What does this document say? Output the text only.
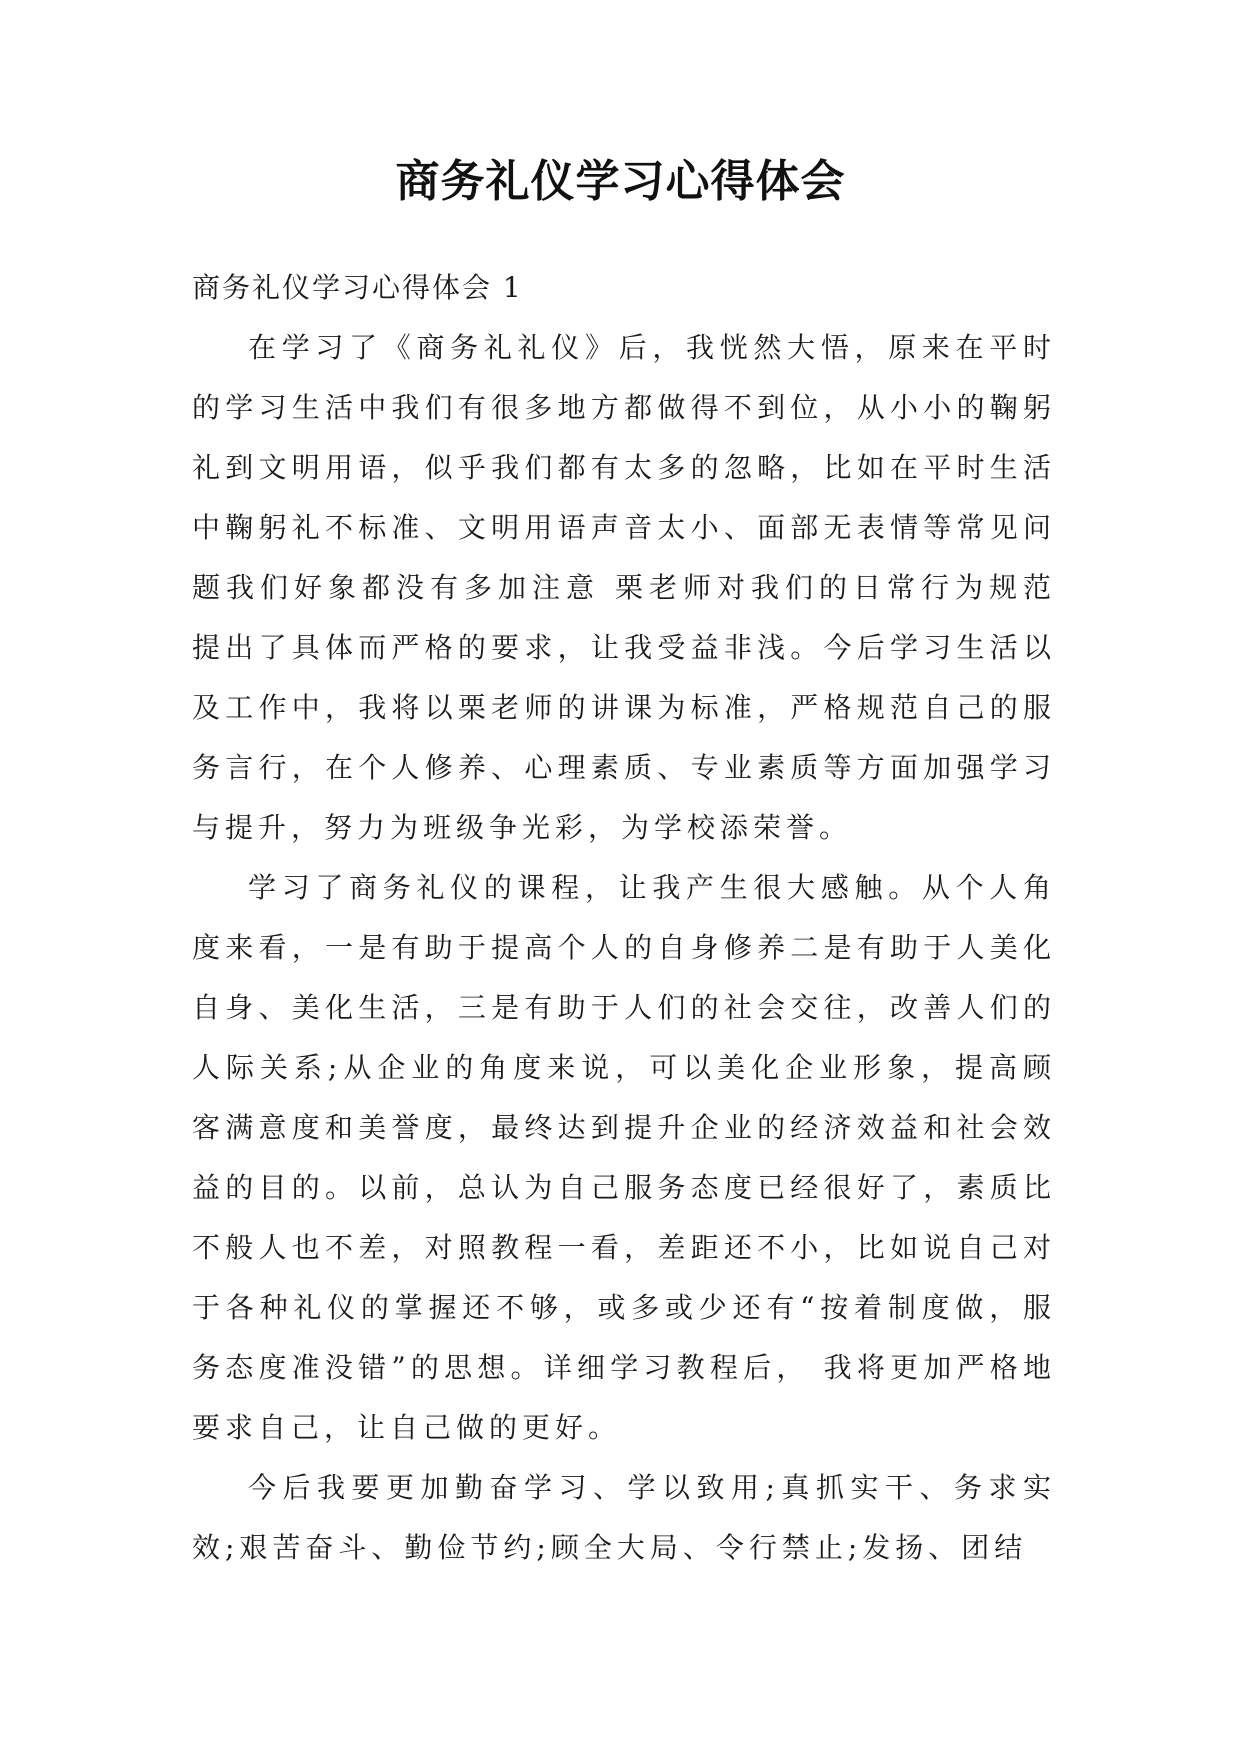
商务礼仪学习心得体会

商务礼仪学习心得体会 1

在学习了《商务礼礼仪》后，我恍然大悟，原来在平时的学习生活中我们有很多地方都做得不到位，从小小的鞠躬礼到文明用语，似乎我们都有太多的忽略，比如在平时生活中鞠躬礼不标准、文明用语声音太小、面部无表情等常见问题我们好象都没有多加注意 栗老师对我们的日常行为规范提出了具体而严格的要求，让我受益非浅。今后学习生活以及工作中，我将以栗老师的讲课为标准，严格规范自己的服务言行，在个人修养、心理素质、专业素质等方面加强学习与提升，努力为班级争光彩，为学校添荣誉。

学习了商务礼仪的课程，让我产生很大感触。从个人角度来看，一是有助于提高个人的自身修养二是有助于人美化自身、美化生活，三是有助于人们的社会交往，改善人们的人际关系;从企业的角度来说，可以美化企业形象，提高顾客满意度和美誉度，最终达到提升企业的经济效益和社会效益的目的。以前，总认为自己服务态度已经很好了，素质比不般人也不差，对照教程一看，差距还不小，比如说自己对于各种礼仪的掌握还不够，或多或少还有“按着制度做，服务态度准没错”的思想。详细学习教程后， 我将更加严格地要求自己，让自己做的更好。

今后我要更加勤奋学习、学以致用;真抓实干、务求实效;艰苦奋斗、勤俭节约;顾全大局、令行禁止;发扬、团结
